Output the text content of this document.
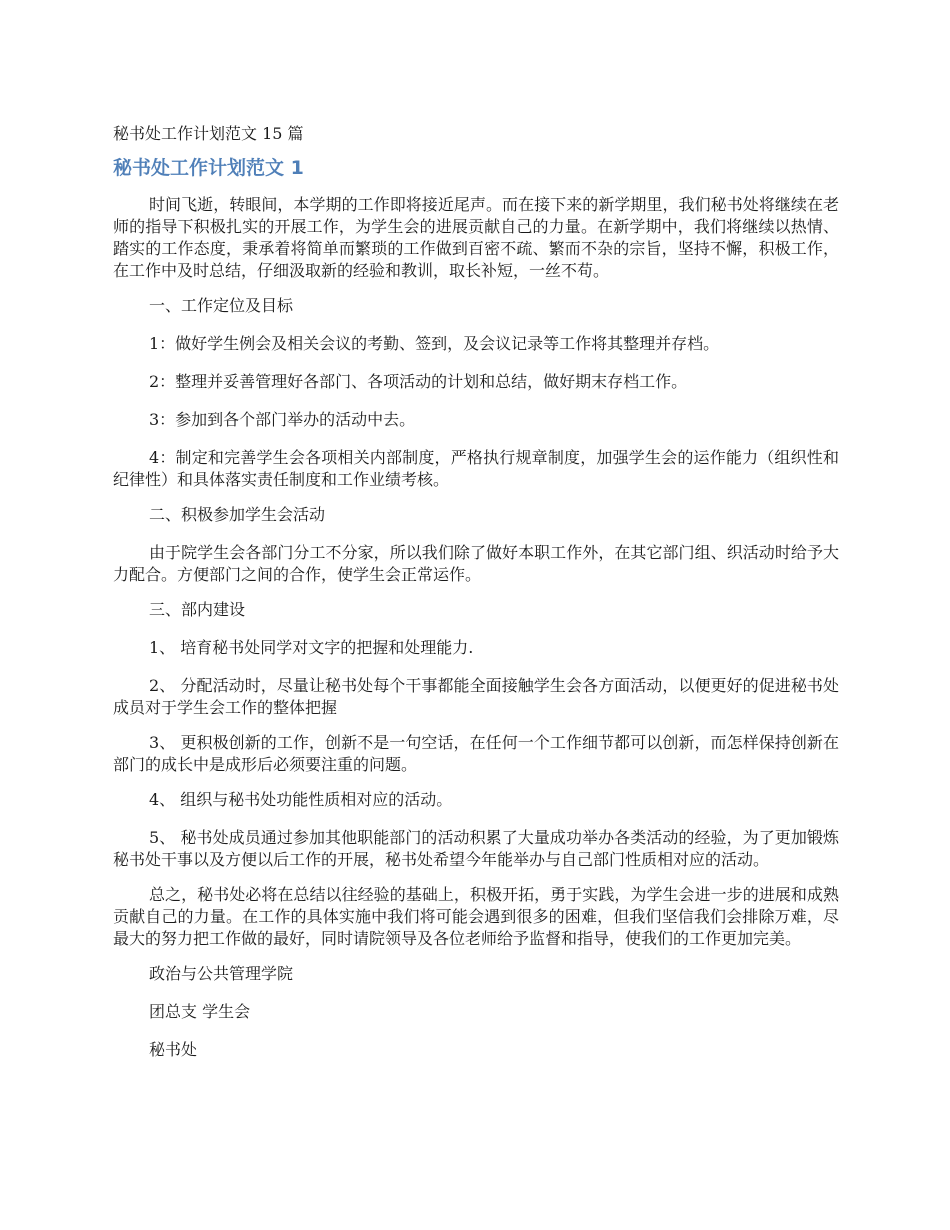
秘书处工作计划范文 15 篇
秘书处工作计划范文 1

时间飞逝，转眼间，本学期的工作即将接近尾声。而在接下来的新学期里，我们秘书处将继续在老师的指导下积极扎实的开展工作，为学生会的进展贡献自己的力量。在新学期中，我们将继续以热情、踏实的工作态度，秉承着将简单而繁琐的工作做到百密不疏、繁而不杂的宗旨，坚持不懈，积极工作，在工作中及时总结，仔细汲取新的经验和教训，取长补短，一丝不苟。

一、工作定位及目标

1：做好学生例会及相关会议的考勤、签到，及会议记录等工作将其整理并存档。

2：整理并妥善管理好各部门、各项活动的计划和总结，做好期末存档工作。

3：参加到各个部门举办的活动中去。

4：制定和完善学生会各项相关内部制度，严格执行规章制度，加强学生会的运作能力（组织性和纪律性）和具体落实责任制度和工作业绩考核。

二、积极参加学生会活动

由于院学生会各部门分工不分家，所以我们除了做好本职工作外，在其它部门组、织活动时给予大力配合。方便部门之间的合作，使学生会正常运作。

三、部内建设

1、 培育秘书处同学对文字的把握和处理能力.

2、 分配活动时，尽量让秘书处每个干事都能全面接触学生会各方面活动，以便更好的促进秘书处成员对于学生会工作的整体把握

3、 更积极创新的工作，创新不是一句空话，在任何一个工作细节都可以创新，而怎样保持创新在部门的成长中是成形后必须要注重的问题。

4、 组织与秘书处功能性质相对应的活动。

5、 秘书处成员通过参加其他职能部门的活动积累了大量成功举办各类活动的经验，为了更加锻炼秘书处干事以及方便以后工作的开展，秘书处希望今年能举办与自己部门性质相对应的活动。

总之，秘书处必将在总结以往经验的基础上，积极开拓，勇于实践，为学生会进一步的进展和成熟贡献自己的力量。在工作的具体实施中我们将可能会遇到很多的困难，但我们坚信我们会排除万难，尽最大的努力把工作做的最好，同时请院领导及各位老师给予监督和指导，使我们的工作更加完美。

政治与公共管理学院

团总支 学生会

秘书处
